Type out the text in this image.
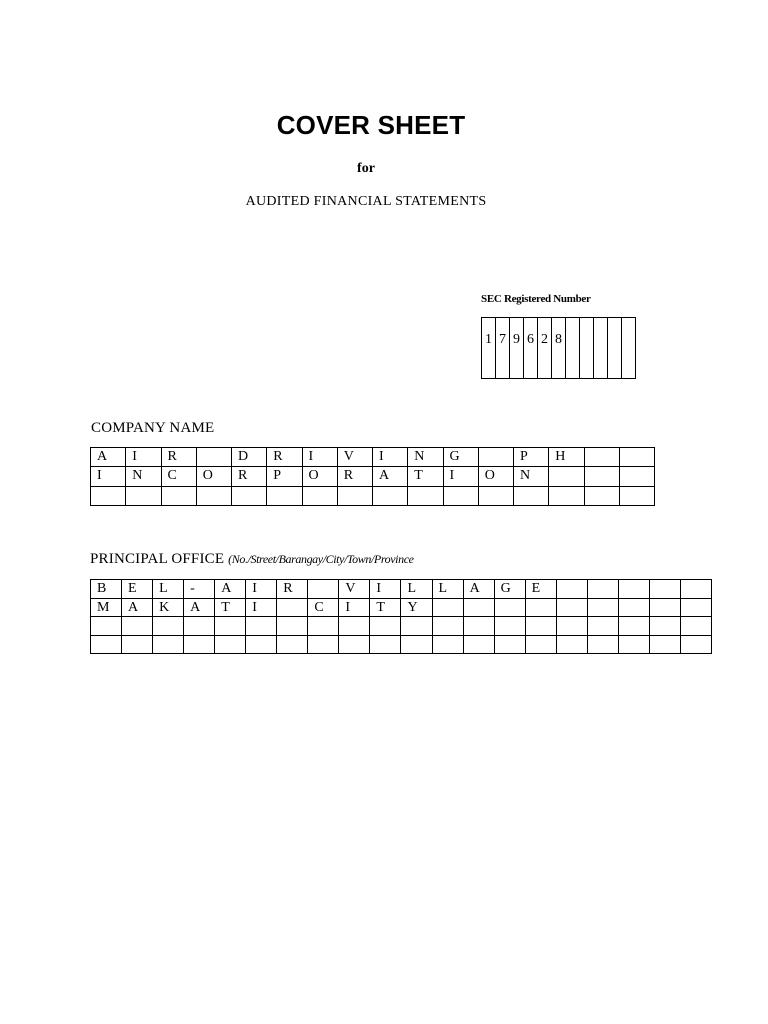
COVER SHEET
for
AUDITED FINANCIAL STATEMENTS
SEC Registered Number
1	7	9	6	2	8					
COMPANY NAME
A	I	R		D	R	I	V	I	N	G		P	H		
I	N	C	O	R	P	O	R	A	T	I	O	N			

PRINCIPAL OFFICE (No./Street/Barangay/City/Town/Province
B	E	L	-	A	I	R		V	I	L	L	A	G	E					
M	A	K	A	T	I		C	I	T	Y									
